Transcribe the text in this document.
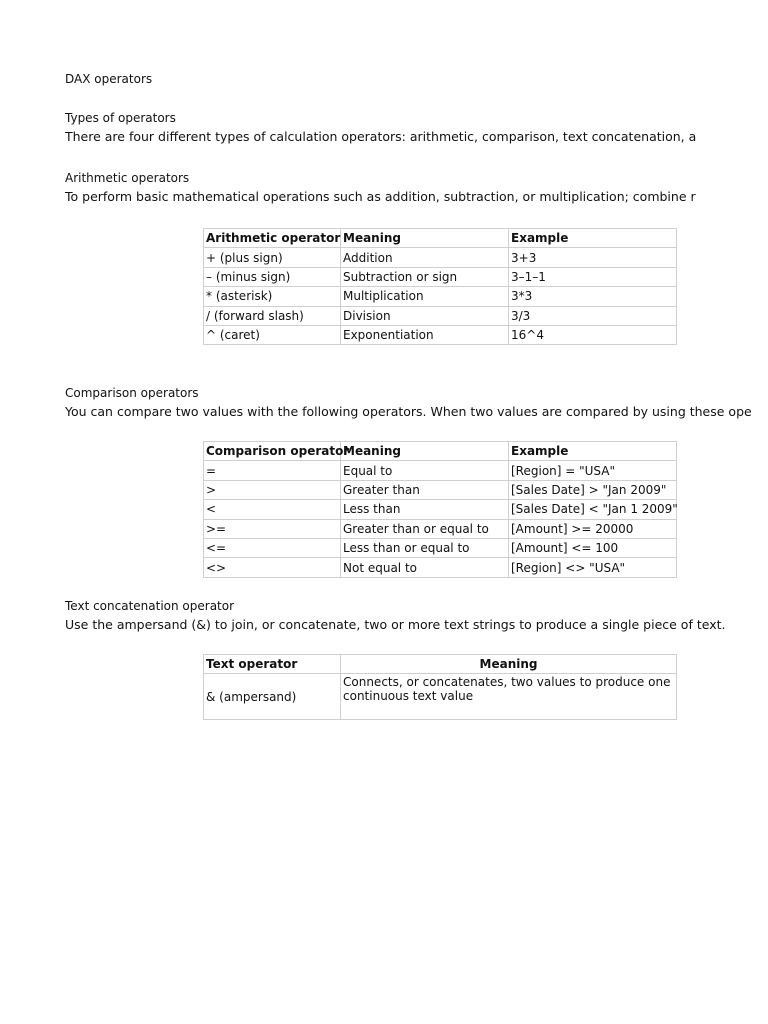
DAX operators
Types of operators
There are four different types of calculation operators: arithmetic, comparison, text concatenation, a
Arithmetic operators
To perform basic mathematical operations such as addition, subtraction, or multiplication; combine r
Arithmetic operator	Meaning	Example
+ (plus sign)	Addition	3+3
– (minus sign)	Subtraction or sign	3–1–1
* (asterisk)	Multiplication	3*3
/ (forward slash)	Division	3/3
^ (caret)	Exponentiation	16^4
Comparison operators
You can compare two values with the following operators. When two values are compared by using these ope
Comparison operator	Meaning	Example
=	Equal to	[Region] = "USA"
>	Greater than	[Sales Date] > "Jan 2009"
<	Less than	[Sales Date] < "Jan 1 2009"
>=	Greater than or equal to	[Amount] >= 20000
<=	Less than or equal to	[Amount] <= 100
<>	Not equal to	[Region] <> "USA"
Text concatenation operator
Use the ampersand (&) to join, or concatenate, two or more text strings to produce a single piece of text.
Text operator	Meaning
& (ampersand)	Connects, or concatenates, two values to produce one continuous text value
